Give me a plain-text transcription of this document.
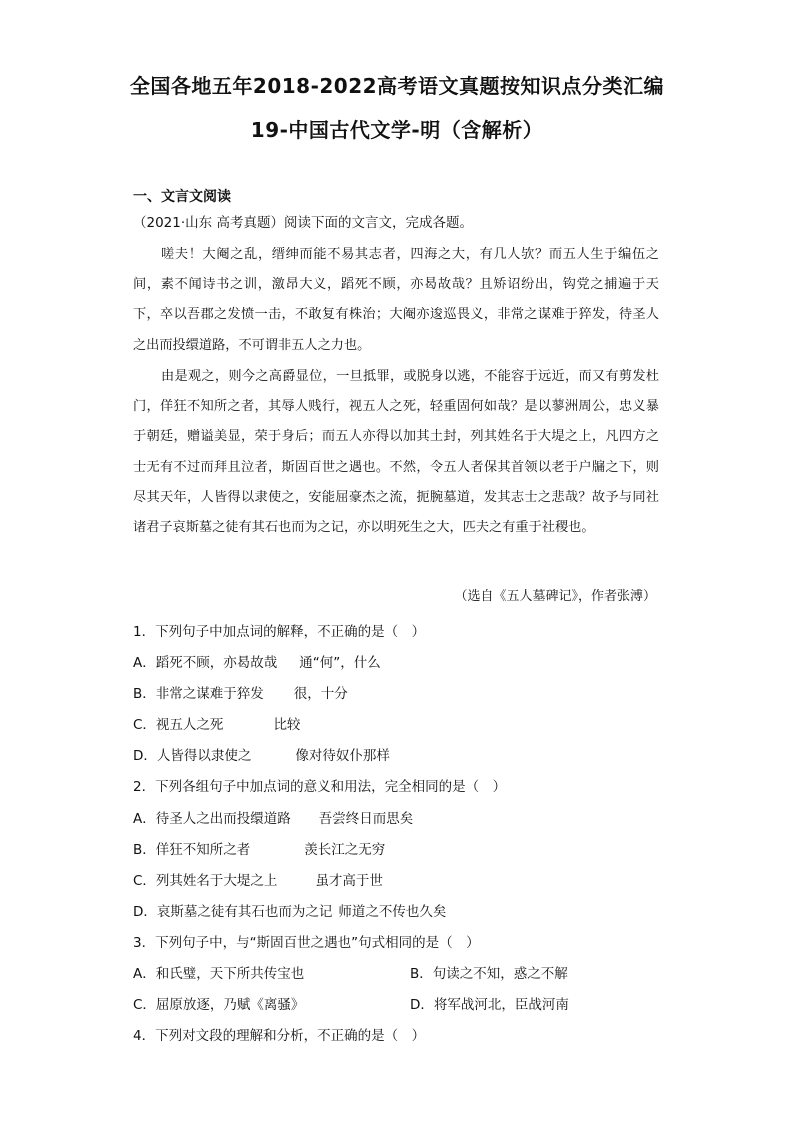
全国各地五年2018-2022高考语文真题按知识点分类汇编
19-中国古代文学-明（含解析）
一、文言文阅读
（2021·山东 高考真题）阅读下面的文言文，完成各题。
嗟夫！大阉之乱，缙绅而能不易其志者，四海之大，有几人欤？而五人生于编伍之间，素不闻诗书之训，激昂大义，蹈死不顾，亦曷故哉？且矫诏纷出，钩党之捕遍于天下，卒以吾郡之发愤一击，不敢复有株治；大阉亦逡巡畏义，非常之谋难于猝发，待圣人之出而投缳道路，不可谓非五人之力也。
由是观之，则今之高爵显位，一旦抵罪，或脱身以逃，不能容于远近，而又有剪发杜门，佯狂不知所之者，其辱人贱行，视五人之死，轻重固何如哉？是以蓼洲周公，忠义暴于朝廷，赠谥美显，荣于身后；而五人亦得以加其土封，列其姓名于大堤之上，凡四方之士无有不过而拜且泣者，斯固百世之遇也。不然，令五人者保其首领以老于户牖之下，则尽其天年，人皆得以隶使之，安能屈豪杰之流，扼腕墓道，发其志士之悲哉？故予与同社诸君子哀斯墓之徒有其石也而为之记，亦以明死生之大，匹夫之有重于社稷也。
（选自《五人墓碑记》，作者张溥）
1．下列句子中加点词的解释，不正确的是（　）
A．蹈死不顾，亦曷故哉 通“何”，什么
B．非常之谋难于猝发 很，十分
C．视五人之死	比较
D．人皆得以隶使之	像对待奴仆那样
2．下列各组句子中加点词的意义和用法，完全相同的是（　）
A．待圣人之出而投缳道路 吾尝终日而思矣
B．佯狂不知所之者	羡长江之无穷
C．列其姓名于大堤之上	虽才高于世
D．哀斯墓之徒有其石也而为之记 师道之不传也久矣
3．下列句子中，与“斯固百世之遇也”句式相同的是（　）
A．和氏璧，天下所共传宝也	B．句读之不知，惑之不解
C．屈原放逐，乃赋《离骚》	D．将军战河北，臣战河南
4．下列对文段的理解和分析，不正确的是（　）
